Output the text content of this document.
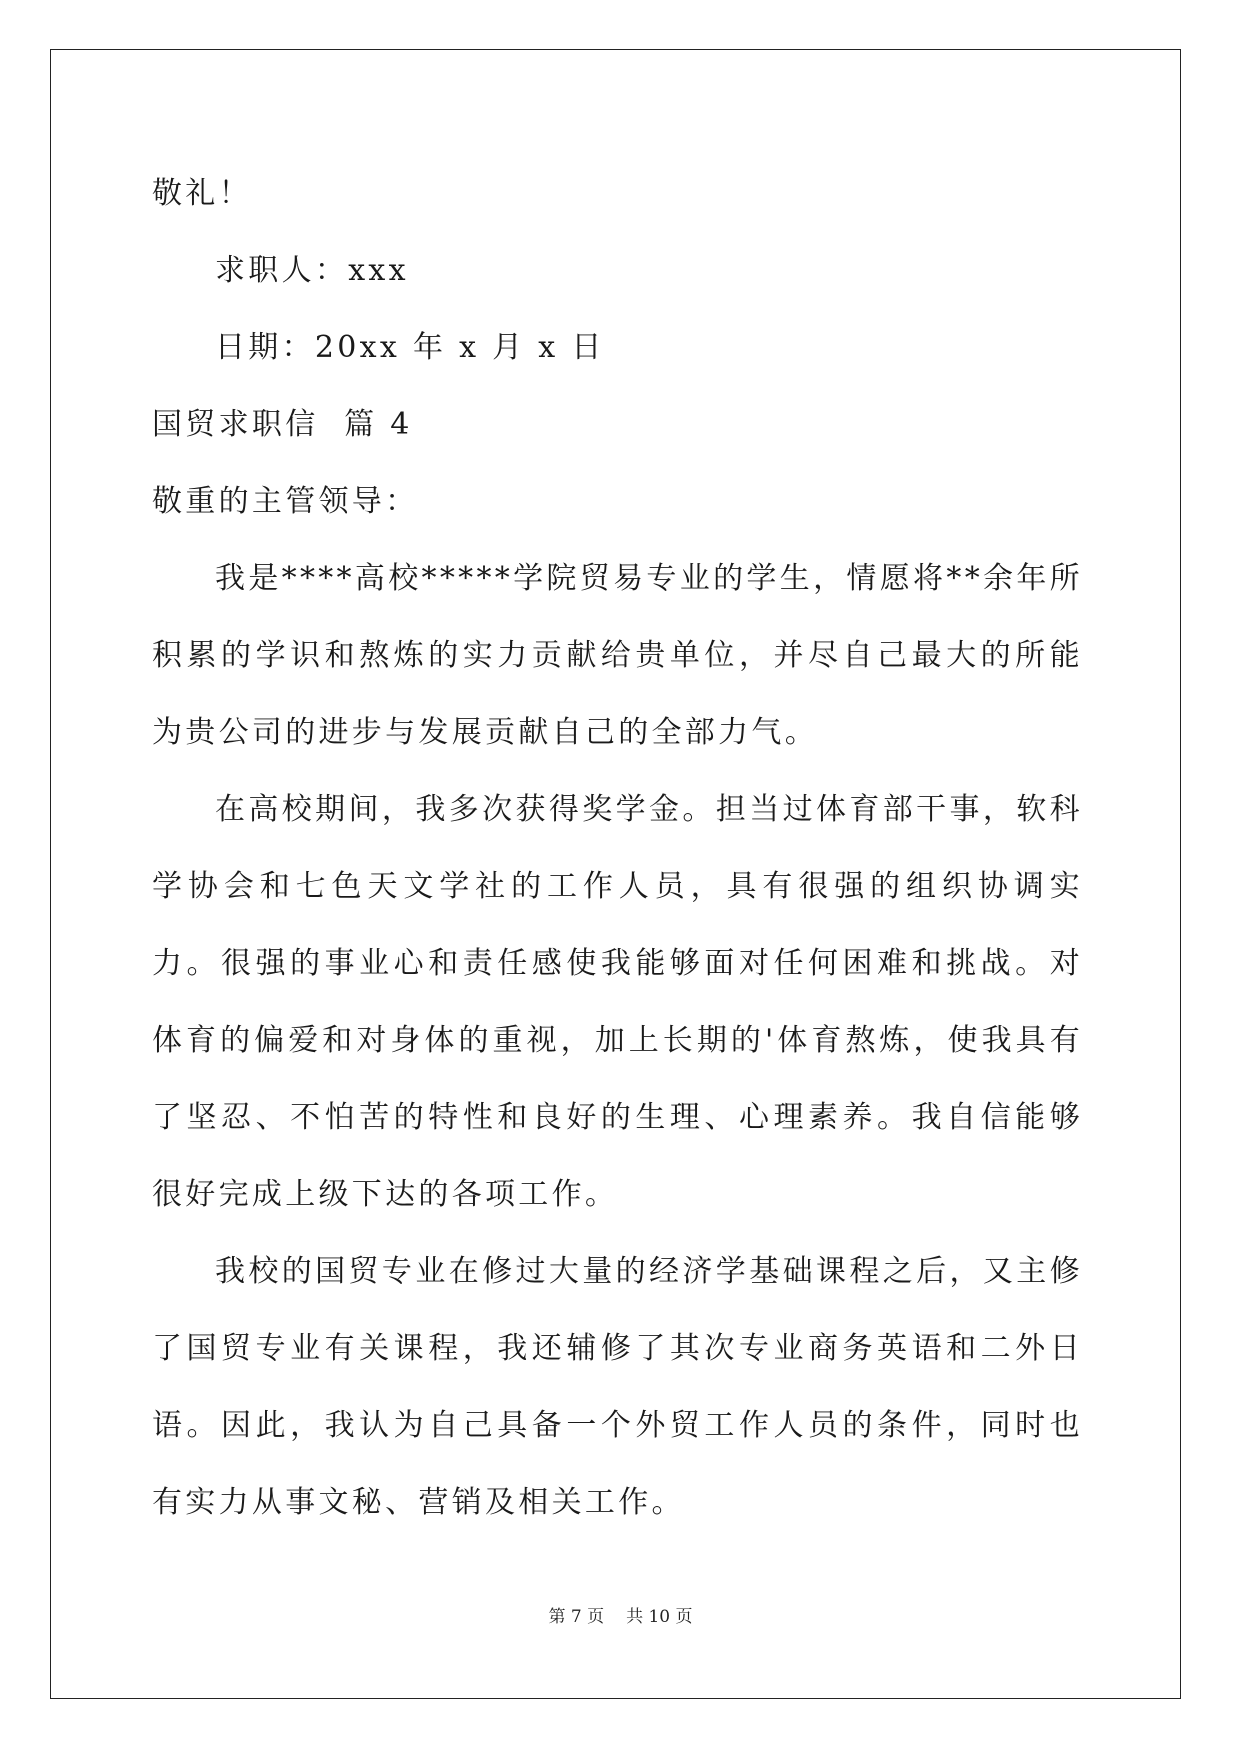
敬礼！
求职人：xxx
日期：20xx 年 x 月 x 日
国贸求职信  篇 4
敬重的主管领导：

我是****高校*****学院贸易专业的学生，情愿将**余年所积累的学识和熬炼的实力贡献给贵单位，并尽自己最大的所能为贵公司的进步与发展贡献自己的全部力气。

在高校期间，我多次获得奖学金。担当过体育部干事，软科学协会和七色天文学社的工作人员，具有很强的组织协调实力。很强的事业心和责任感使我能够面对任何困难和挑战。对体育的偏爱和对身体的重视，加上长期的'体育熬炼，使我具有了坚忍、不怕苦的特性和良好的生理、心理素养。我自信能够很好完成上级下达的各项工作。

我校的国贸专业在修过大量的经济学基础课程之后，又主修了国贸专业有关课程，我还辅修了其次专业商务英语和二外日语。因此，我认为自己具备一个外贸工作人员的条件，同时也有实力从事文秘、营销及相关工作。

第 7 页 共 10 页
